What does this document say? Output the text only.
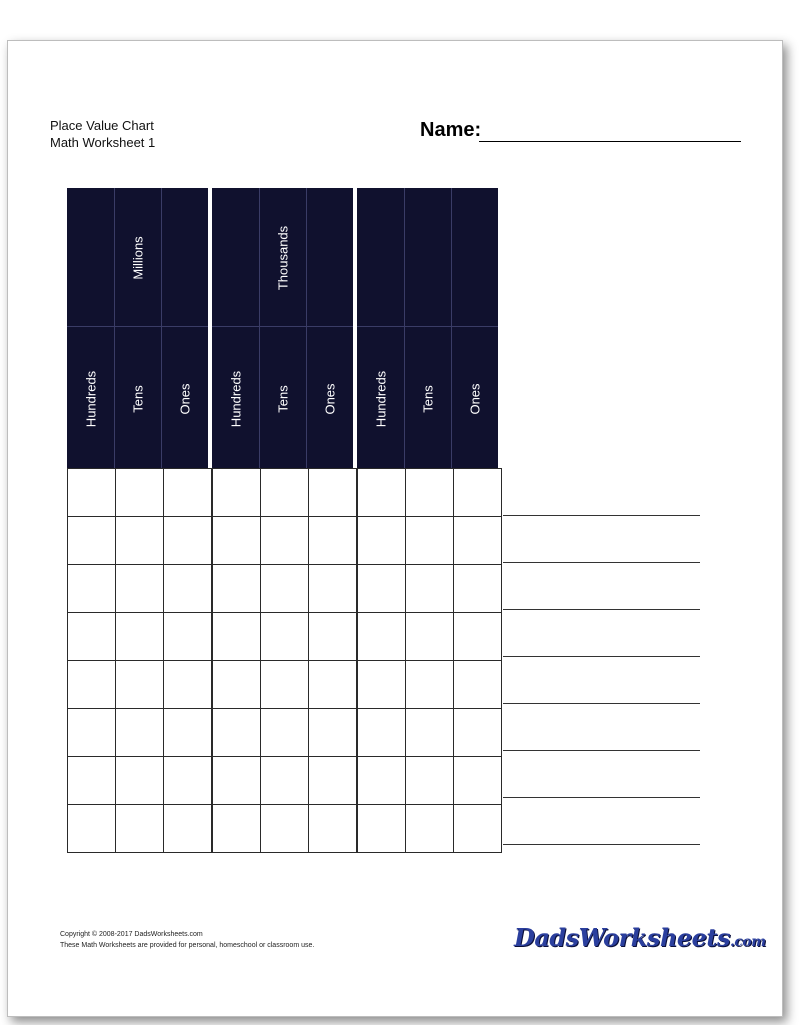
Place Value Chart
Math Worksheet 1
Name:
Millions
Hundreds Tens Ones

Thousands
Hundreds Tens Ones

			Hundreds Tens Ones

Copyright © 2008-2017 DadsWorksheets.com
These Math Worksheets are provided for personal, homeschool or classroom use.	DadsWorksheets.com
